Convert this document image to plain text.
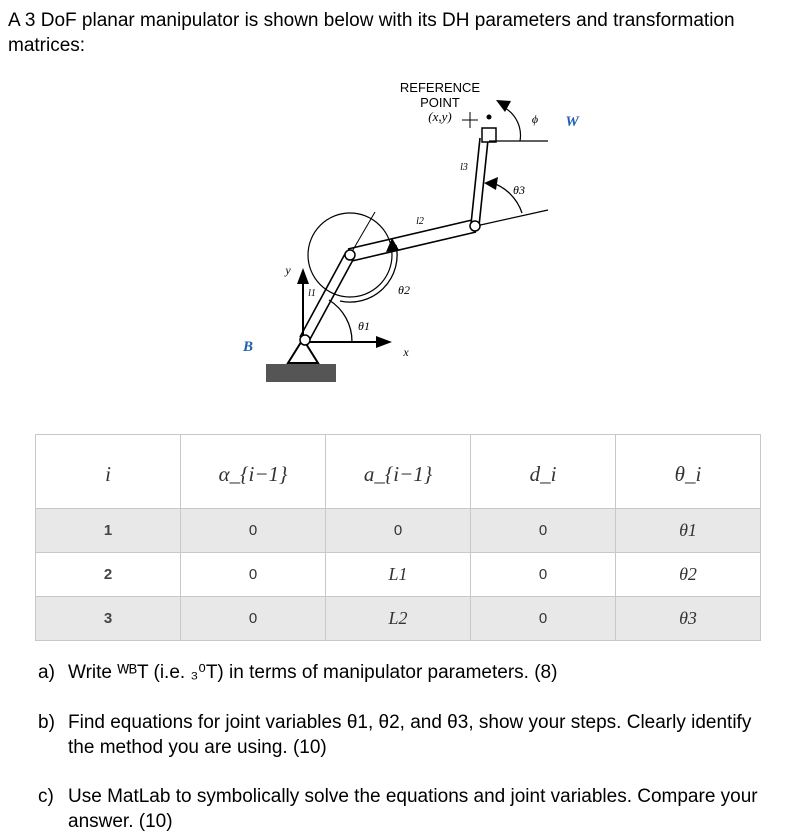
A 3 DoF planar manipulator is shown below with its DH parameters and transformation matrices:

REFERENCE
POINT
(x,y)	W
B
ϕ
l1
l2
l3
θ1
θ2
θ3
x
y
i	α_{i−1}	a_{i−1}	d_i	θ_i
1	0	0	0	θ1
2	0	L1	0	θ2
3	0	L2	0	θ3

a) Write ᵂᴮT (i.e. ₃⁰T) in terms of manipulator parameters. (8)

b) Find equations for joint variables θ1, θ2, and θ3, show your steps. Clearly identify the method you are using. (10)

c) Use MatLab to symbolically solve the equations and joint variables. Compare your answer. (10)
